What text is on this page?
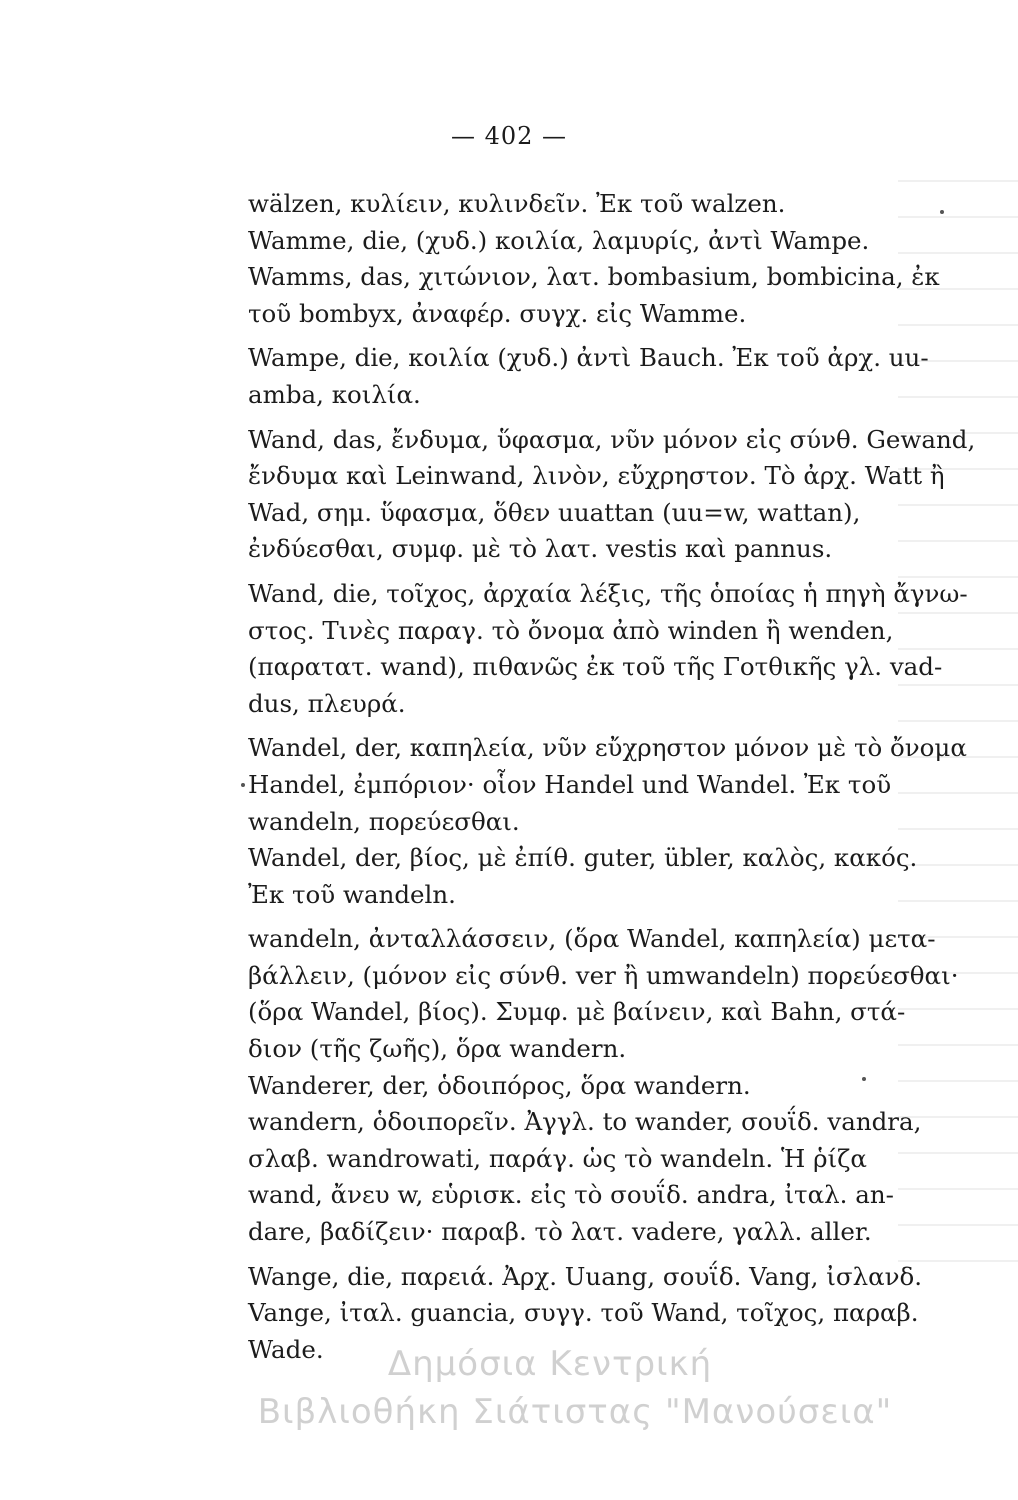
— 402 —
wälzen, κυλίειν, κυλινδεῖν. Ἐκ τοῦ walzen.
Wamme, die, (χυδ.) κοιλία, λαμυρίς, ἀντὶ Wampe.
Wamms, das, χιτώνιον, λατ. bombasium, bombicina, ἐκ
τοῦ bombyx, ἀναφέρ. συγχ. εἰς Wamme.
Wampe, die, κοιλία (χυδ.) ἀντὶ Bauch. Ἐκ τοῦ ἀρχ. uu-
amba, κοιλία.
Wand, das, ἔνδυμα, ὕφασμα, νῦν μόνον εἰς σύνθ. Gewand,
ἔνδυμα καὶ Leinwand, λινὸν, εὔχρηστον. Τὸ ἀρχ. Watt ἢ
Wad, σημ. ὕφασμα, ὅθεν uuattan (uu=w, wattan),
ἐνδύεσθαι, συμφ. μὲ τὸ λατ. vestis καὶ pannus.
Wand, die, τοῖχος, ἀρχαία λέξις, τῆς ὁποίας ἡ πηγὴ ἄγνω-
στος. Τινὲς παραγ. τὸ ὄνομα ἀπὸ winden ἢ wenden,
(παρατατ. wand), πιθανῶς ἐκ τοῦ τῆς Γοτθικῆς γλ. vad-
dus, πλευρά.
Wandel, der, καπηλεία, νῦν εὔχρηστον μόνον μὲ τὸ ὄνομα
Handel, ἐμπόριον· οἷον Handel und Wandel. Ἐκ τοῦ
wandeln, πορεύεσθαι.
Wandel, der, βίος, μὲ ἐπίθ. guter, übler, καλὸς, κακός.
Ἐκ τοῦ wandeln.
wandeln, ἀνταλλάσσειν, (ὅρα Wandel, καπηλεία) μετα-
βάλλειν, (μόνον εἰς σύνθ. ver ἢ umwandeln) πορεύεσθαι·
(ὅρα Wandel, βίος). Συμφ. μὲ βαίνειν, καὶ Bahn, στά-
διον (τῆς ζωῆς), ὅρα wandern.
Wanderer, der, ὁδοιπόρος, ὅρα wandern.
wandern, ὁδοιπορεῖν. Ἀγγλ. to wander, σουΐδ. vandra,
σλαβ. wandrowati, παράγ. ὡς τὸ wandeln. Ἡ ῥίζα
wand, ἄνευ w, εὑρισκ. εἰς τὸ σουΐδ. andra, ἰταλ. an-
dare, βαδίζειν· παραβ. τὸ λατ. vadere, γαλλ. aller.
Wange, die, παρειά. Ἀρχ. Uuang, σουΐδ. Vang, ἰσλανδ.
Vange, ἰταλ. guancia, συγγ. τοῦ Wand, τοῖχος, παραβ.
Wade.	Δημόσια Κεντρική
Βιβλιοθήκη Σιάτιστας "Μανούσεια"
